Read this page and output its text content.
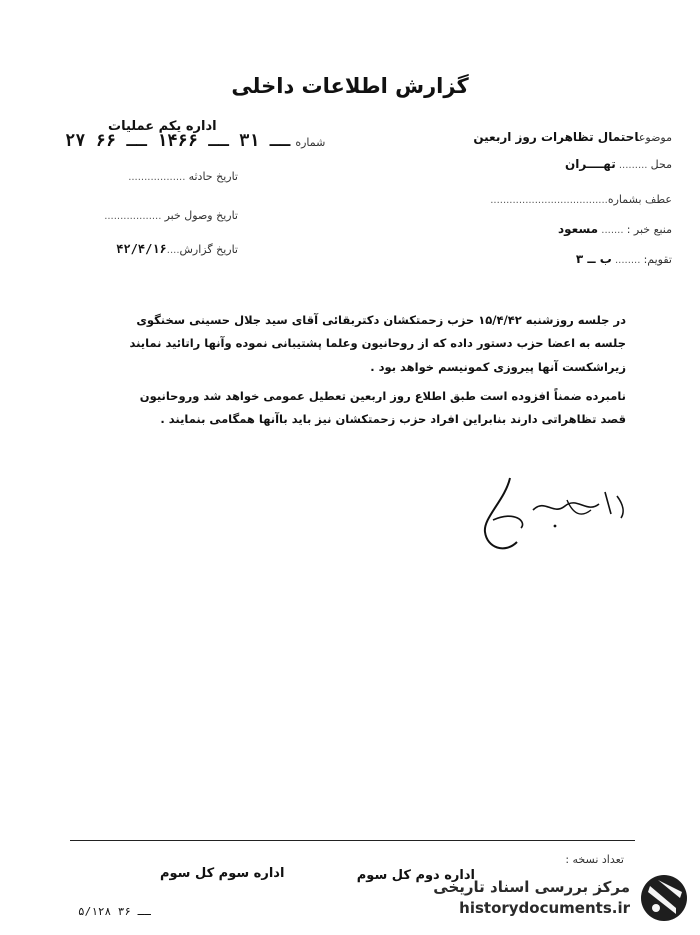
گزارش اطلاعات داخلی
موضوعاحتمال تظاهرات روز اربعین
محل ......... تهــــران
عطف بشماره.....................................
منبع خبر : ....... مسعود
تقویم: ........ ب ــ ۳
اداره یکم عملیات
شماره ۲۷ ــ ۳۱ ــ ۱۴۶۶ ــ ۶۶
تاریخ حادثه ..................
تاریخ وصول خبر ..................
تاریخ گزارش....۴۲/۴/۱۶
در جلسه روزشنبه ۱۵/۴/۴۲ حزب زحمتکشان دکتربقائی آقای سید جلال حسینی سخنگوی
جلسه به اعضا حزب دستور داده که از روحانیون وعلما پشتیبانی نموده وآنها راتائید نمایند
زیراشکست آنها پیروزی کمونیسم خواهد بود .
نامبرده ضمناً افزوده است طبق اطلاع روز اربعین تعطیل عمومی خواهد شد وروحانیون
قصد تظاهراتی دارند بنابراین افراد حزب زحمتکشان نیز باید باآنها همگامی بنمایند .
تعداد نسخه :
اداره دوم کل سوم
اداره سوم کل سوم
۵/۱۲۸ ــ ۳۶
مرکز بررسی اسناد تاریخی
historydocuments.ir
